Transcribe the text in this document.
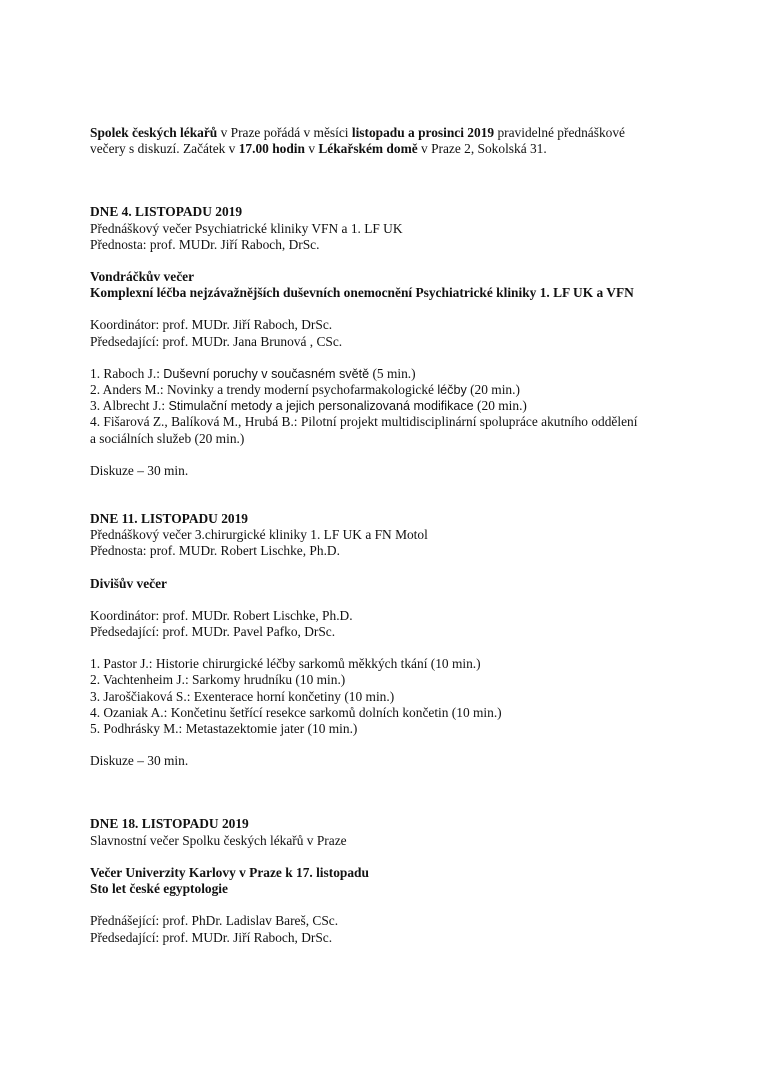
Spolek českých lékařů v Praze pořádá v měsíci listopadu a prosinci 2019 pravidelné přednáškové
večery s diskuzí. Začátek v 17.00 hodin v Lékařském domě v Praze 2, Sokolská 31.
DNE 4. LISTOPADU 2019
Přednáškový večer Psychiatrické kliniky VFN a 1. LF UK
Přednosta: prof. MUDr. Jiří Raboch, DrSc.
Vondráčkův večer
Komplexní léčba nejzávažnějších duševních onemocnění Psychiatrické kliniky 1. LF UK a VFN
Koordinátor: prof. MUDr. Jiří Raboch, DrSc.
Předsedající: prof. MUDr. Jana Brunová , CSc.
1. Raboch J.: Duševní poruchy v současném světě (5 min.)
2. Anders M.: Novinky a trendy moderní psychofarmakologické léčby (20 min.)
3. Albrecht J.: Stimulační metody a jejich personalizovaná modifikace (20 min.)
4. Fišarová Z., Balíková M., Hrubá B.: Pilotní projekt multidisciplinární spolupráce akutního oddělení
a sociálních služeb (20 min.)
Diskuze – 30 min.
DNE 11. LISTOPADU 2019
Přednáškový večer 3.chirurgické kliniky 1. LF UK a FN Motol
Přednosta: prof. MUDr. Robert Lischke, Ph.D.
Divišův večer
Koordinátor: prof. MUDr. Robert Lischke, Ph.D.
Předsedající: prof. MUDr. Pavel Pafko, DrSc.
1. Pastor J.: Historie chirurgické léčby sarkomů měkkých tkání (10 min.)
2. Vachtenheim J.: Sarkomy hrudníku (10 min.)
3. Jaroščiaková S.: Exenterace horní končetiny (10 min.)
4. Ozaniak A.: Končetinu šetřící resekce sarkomů dolních končetin (10 min.)
5. Podhrásky M.: Metastazektomie jater (10 min.)
Diskuze – 30 min.
DNE 18. LISTOPADU 2019
Slavnostní večer Spolku českých lékařů v Praze
Večer Univerzity Karlovy v Praze k 17. listopadu
Sto let české egyptologie
Přednášející: prof. PhDr. Ladislav Bareš, CSc.
Předsedající: prof. MUDr. Jiří Raboch, DrSc.
